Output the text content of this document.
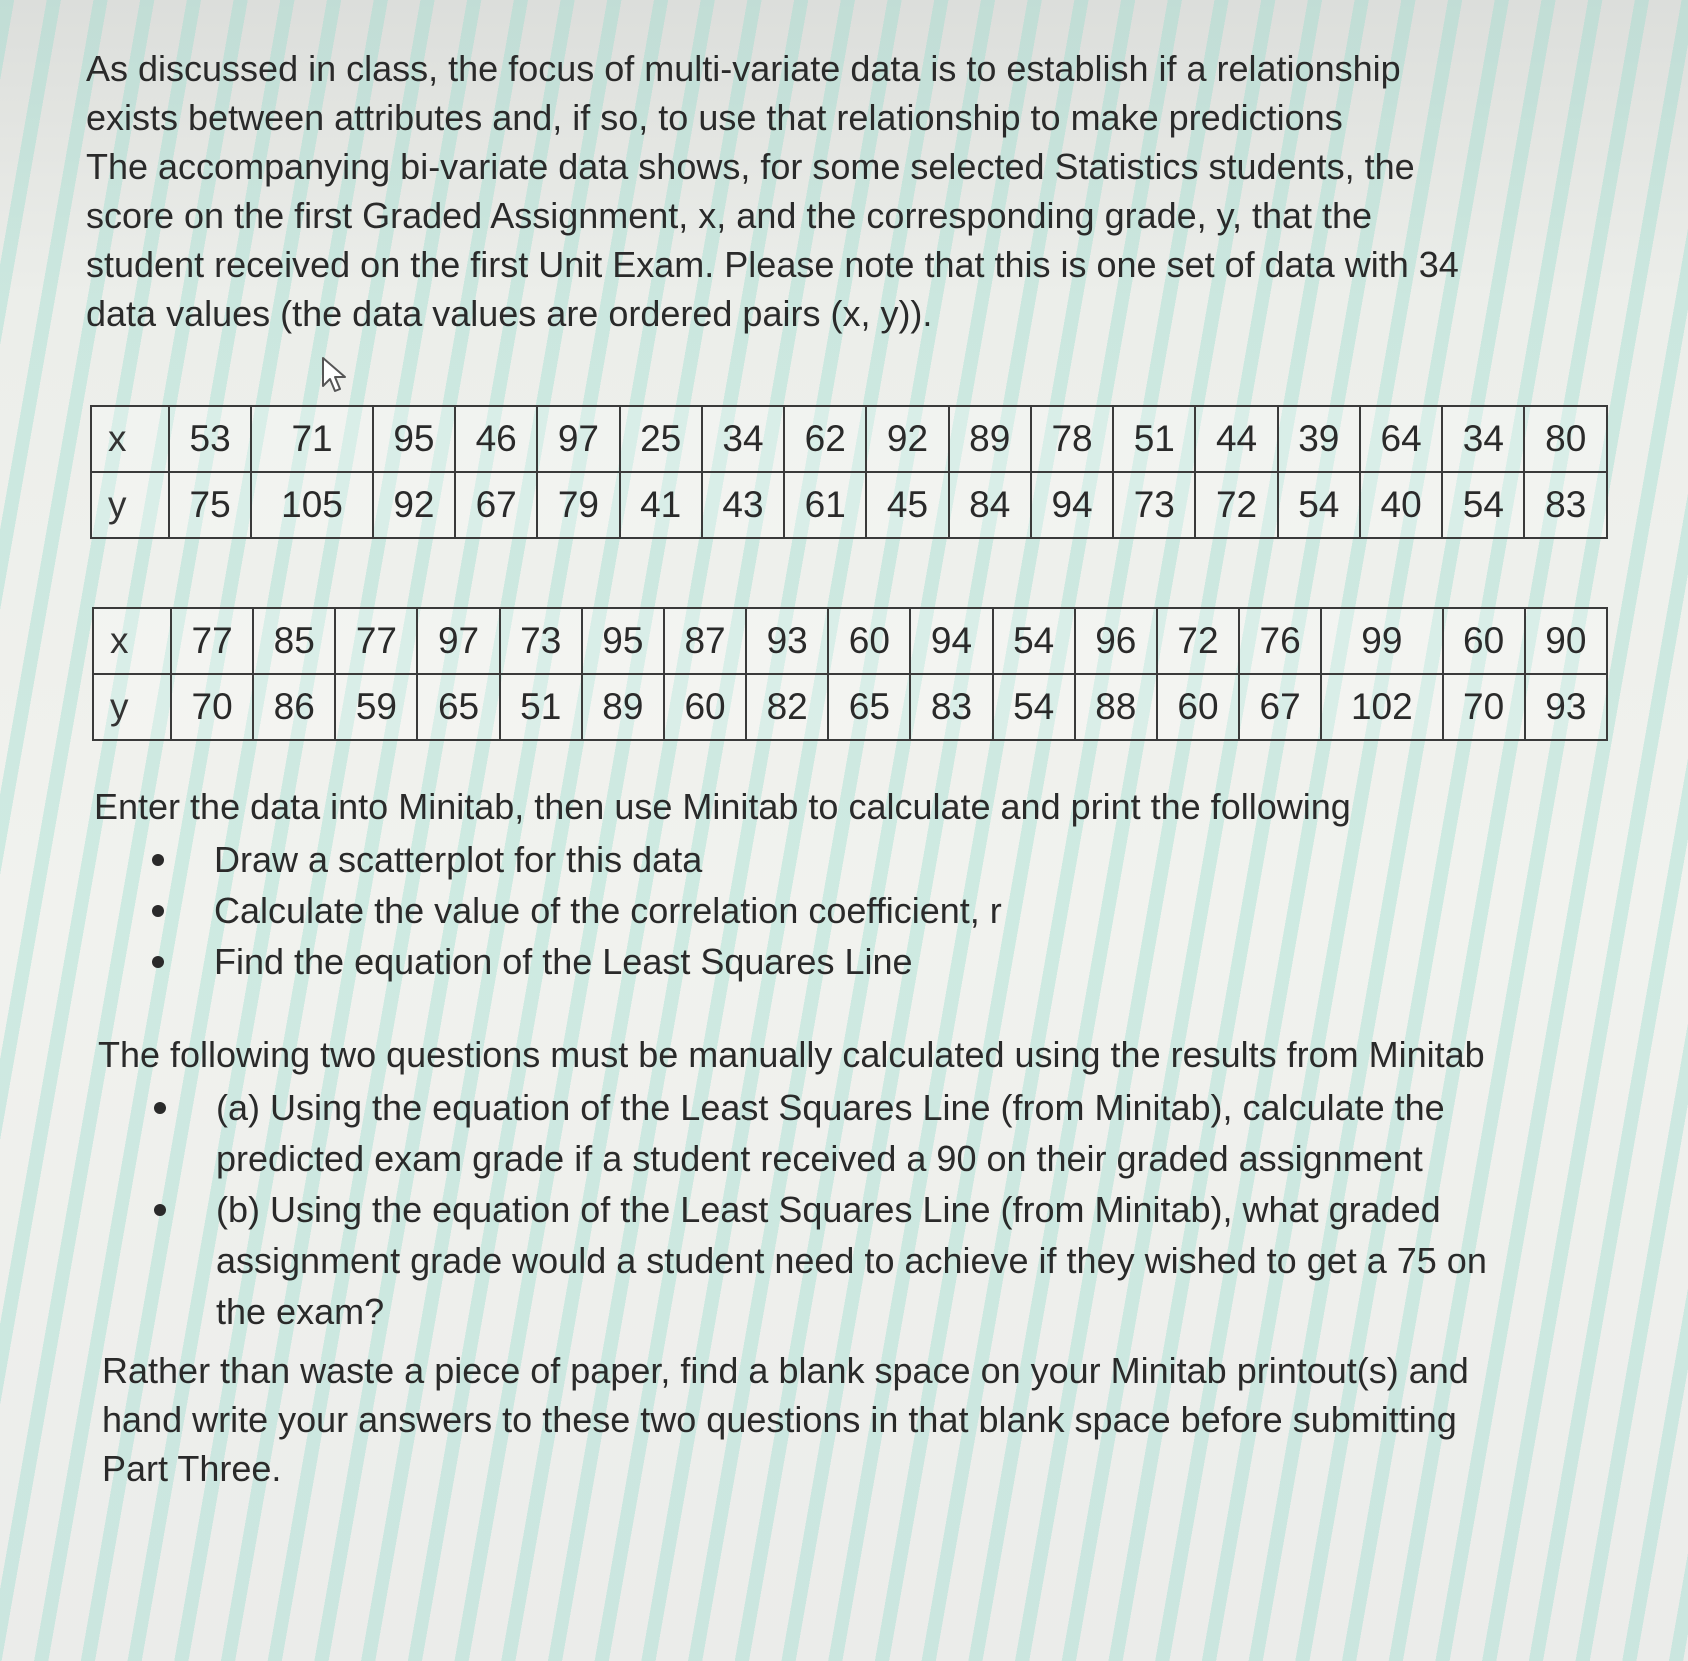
As discussed in class, the focus of multi-variate data is to establish if a relationship
exists between attributes and, if so, to use that relationship to make predictions
The accompanying bi-variate data shows, for some selected Statistics students, the
score on the first Graded Assignment, x, and the corresponding grade, y, that the
student received on the first Unit Exam. Please note that this is one set of data with 34
data values (the data values are ordered pairs (x, y)).

x	53	71	95	46	97	25	34	62	92	89	78	51	44	39	64	34	80
y	75	105	92	67	79	41	43	61	45	84	94	73	72	54	40	54	83
x	77	85	77	97	73	95	87	93	60	94	54	96	72	76	99	60	90
y	70	86	59	65	51	89	60	82	65	83	54	88	60	67	102	70	93

Enter the data into Minitab, then use Minitab to calculate and print the following

Draw a scatterplot for this data
Calculate the value of the correlation coefficient, r
Find the equation of the Least Squares Line

The following two questions must be manually calculated using the results from Minitab

(a) Using the equation of the Least Squares Line (from Minitab), calculate the
predicted exam grade if a student received a 90 on their graded assignment
(b) Using the equation of the Least Squares Line (from Minitab), what graded
assignment grade would a student need to achieve if they wished to get a 75 on
the exam?

Rather than waste a piece of paper, find a blank space on your Minitab printout(s) and
hand write your answers to these two questions in that blank space before submitting
Part Three.
